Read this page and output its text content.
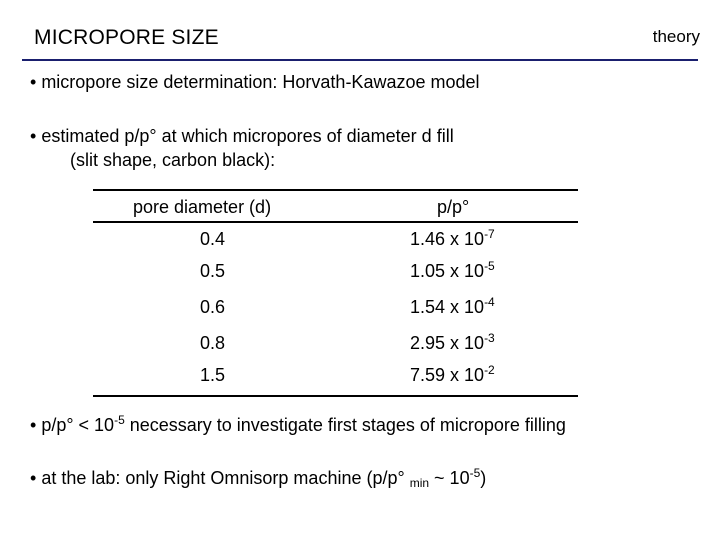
MICROPORE SIZE	theory
• micropore size determination: Horvath-Kawazoe model
• estimated p/p° at which micropores of diameter d fill
(slit shape, carbon black):
pore diameter (d)	p/p°
0.4	1.46 x $10^{-7}$
0.5	1.05 x $10^{-5}$
0.6	1.54 x $10^{-4}$
0.8	2.95 x $10^{-3}$
1.5	7.59 x $10^{-2}$
• $p/p^\circ < 10^{-5}$ necessary to investigate first stages of micropore filling
• at the lab: only Right Omnisorp machine (p/p° $_{min}$ ~ $10^{-5}$)
